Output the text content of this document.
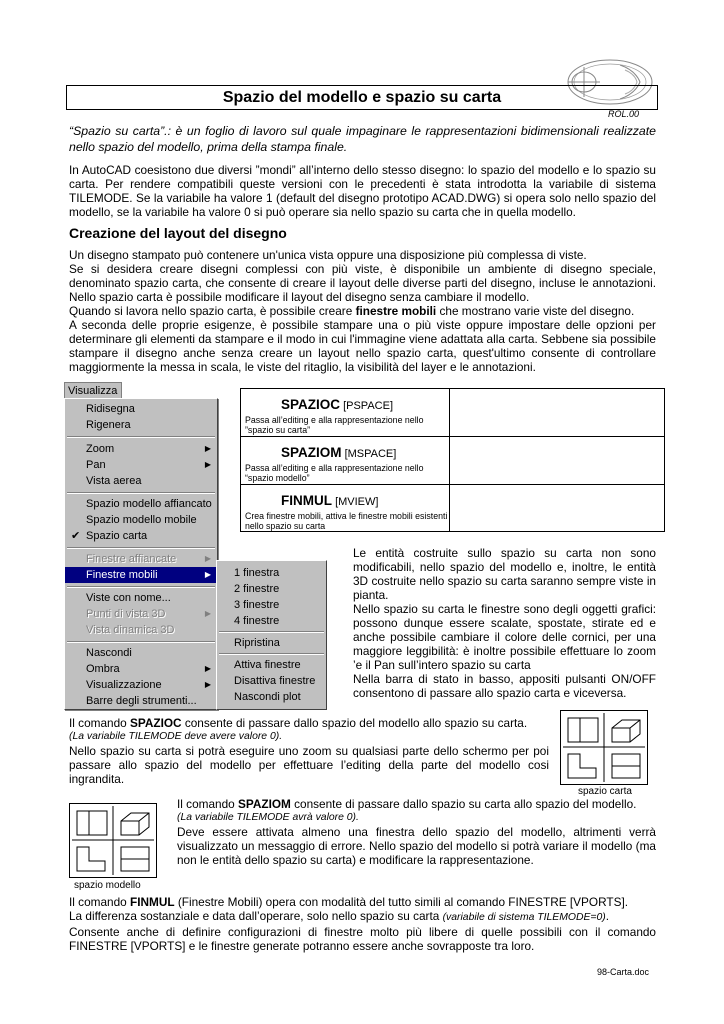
Spazio del modello e spazio su carta
ROL.00

“Spazio su carta”.: è un foglio di lavoro sul quale impaginare le rappresentazioni bidimensionali realizzate nello spazio del modello, prima della stampa finale.

In AutoCAD coesistono due diversi ”mondi” all’interno dello stesso disegno: lo spazio del modello e lo spazio su carta. Per rendere compatibili queste versioni con le precedenti è stata introdotta la variabile di sistema TILEMODE. Se la variabile ha valore 1 (default del disegno prototipo ACAD.DWG) si opera solo nello spazio del modello, se la variabile ha valore 0 si può operare sia nello spazio su carta che in quella modello.

Creazione del layout del disegno
Un disegno stampato può contenere un'unica vista oppure una disposizione più complessa di viste.
Se si desidera creare disegni complessi con più viste, è disponibile un ambiente di disegno speciale, denominato spazio carta, che consente di creare il layout delle diverse parti del disegno, incluse le annotazioni. Nello spazio carta è possibile modificare il layout del disegno senza cambiare il modello.
Quando si lavora nello spazio carta, è possibile creare finestre mobili che mostrano varie viste del disegno.
A seconda delle proprie esigenze, è possibile stampare una o più viste oppure impostare delle opzioni per determinare gli elementi da stampare e il modo in cui l'immagine viene adattata alla carta. Sebbene sia possibile stampare il disegno anche senza creare un layout nello spazio carta, quest'ultimo consente di controllare maggiormente la messa in scala, le viste del ritaglio, la visibilità del layer e le annotazioni.
Visualizza
Ridisegna
Rigenera
Zoom	▶
Pan	▶
Vista aerea
Spazio modello affiancato
Spazio modello mobile
✔ Spazio carta
Finestre affiancate	▶
Finestre mobili	▶
Viste con nome...
Punti di vista 3D	▶
Vista dinamica 3D
Nascondi
Ombra	▶
Visualizzazione	▶
Barre degli strumenti...
1 finestra
2 finestre
3 finestre
4 finestre
Ripristina
Attiva finestre
Disattiva finestre
Nascondi plot
SPAZIOC [PSPACE]
Passa all’editing e alla rappresentazione nello ”spazio su carta”
SPAZIOM [MSPACE]
Passa all’editing e alla rappresentazione nello “spazio modello”
FINMUL [MVIEW]
Crea finestre mobili, attiva le finestre mobili esistenti nello spazio su carta
Le entità costruite sullo spazio su carta non sono modificabili, nello spazio del modello e, inoltre, le entità 3D costruite nello spazio su carta saranno sempre viste in pianta.
Nello spazio su carta le finestre sono degli oggetti grafici: possono dunque essere scalate, spostate, stirate ed e anche possibile cambiare il colore delle cornici, per una maggiore leggibilità: è inoltre possibile effettuare lo zoom ’e il Pan sull’intero spazio su carta
Nella barra di stato in basso, appositi pulsanti ON/OFF consentono di passare allo spazio carta e viceversa.
Il comando SPAZIOC consente di passare dallo spazio del modello allo spazio su carta.
(La variabile TILEMODE deve avere valore 0).
Nello spazio su carta si potrà eseguire uno zoom su qualsiasi parte dello schermo per poi passare allo spazio del modello per effettuare l’editing della parte del modello cosi ingrandita.
spazio carta
spazio modello
Il comando SPAZIOM consente di passare dallo spazio su carta allo spazio del modello.
(La variabile TILEMODE avrà valore 0).
Deve essere attivata almeno una finestra dello spazio del modello, altrimenti verrà visualizzato un messaggio di errore. Nello spazio del modello si potrà variare il modello (ma non le entità dello spazio su carta) e modificare la rappresentazione.
Il comando FINMUL (Finestre Mobili) opera con modalità del tutto simili al comando FINESTRE [VPORTS].
La differenza sostanziale e data dall’operare, solo nello spazio su carta (variabile di sistema TILEMODE=0).
Consente anche di definire configurazioni di finestre molto più libere di quelle possibili con il comando FINESTRE [VPORTS] e le finestre generate potranno essere anche sovrapposte tra loro.
98-Carta.doc
